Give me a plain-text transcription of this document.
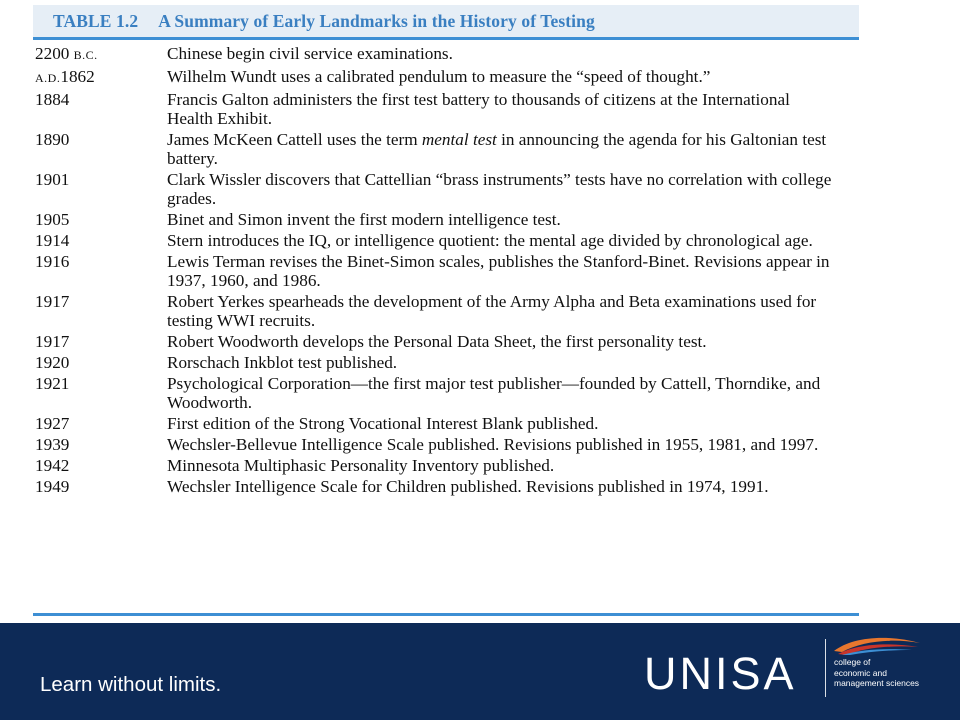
TABLE 1.2 A Summary of Early Landmarks in the History of Testing
2200 B.C.	Chinese begin civil service examinations.
A.D.1862	Wilhelm Wundt uses a calibrated pendulum to measure the “speed of thought.”
1884	Francis Galton administers the first test battery to thousands of citizens at the International Health Exhibit.
1890	James McKeen Cattell uses the term mental test in announcing the agenda for his Galtonian test battery.
1901	Clark Wissler discovers that Cattellian “brass instruments” tests have no correlation with college grades.
1905	Binet and Simon invent the first modern intelligence test.
1914	Stern introduces the IQ, or intelligence quotient: the mental age divided by chronological age.
1916	Lewis Terman revises the Binet-Simon scales, publishes the Stanford-Binet. Revisions appear in 1937, 1960, and 1986.
1917	Robert Yerkes spearheads the development of the Army Alpha and Beta examinations used for testing WWI recruits.
1917	Robert Woodworth develops the Personal Data Sheet, the first personality test.
1920	Rorschach Inkblot test published.
1921	Psychological Corporation—the first major test publisher—founded by Cattell, Thorndike, and Woodworth.
1927	First edition of the Strong Vocational Interest Blank published.
1939	Wechsler-Bellevue Intelligence Scale published. Revisions published in 1955, 1981, and 1997.
1942	Minnesota Multiphasic Personality Inventory published.
1949	Wechsler Intelligence Scale for Children published. Revisions published in 1974, 1991.
Learn without limits.	UNISA	college of
economic and
management sciences
